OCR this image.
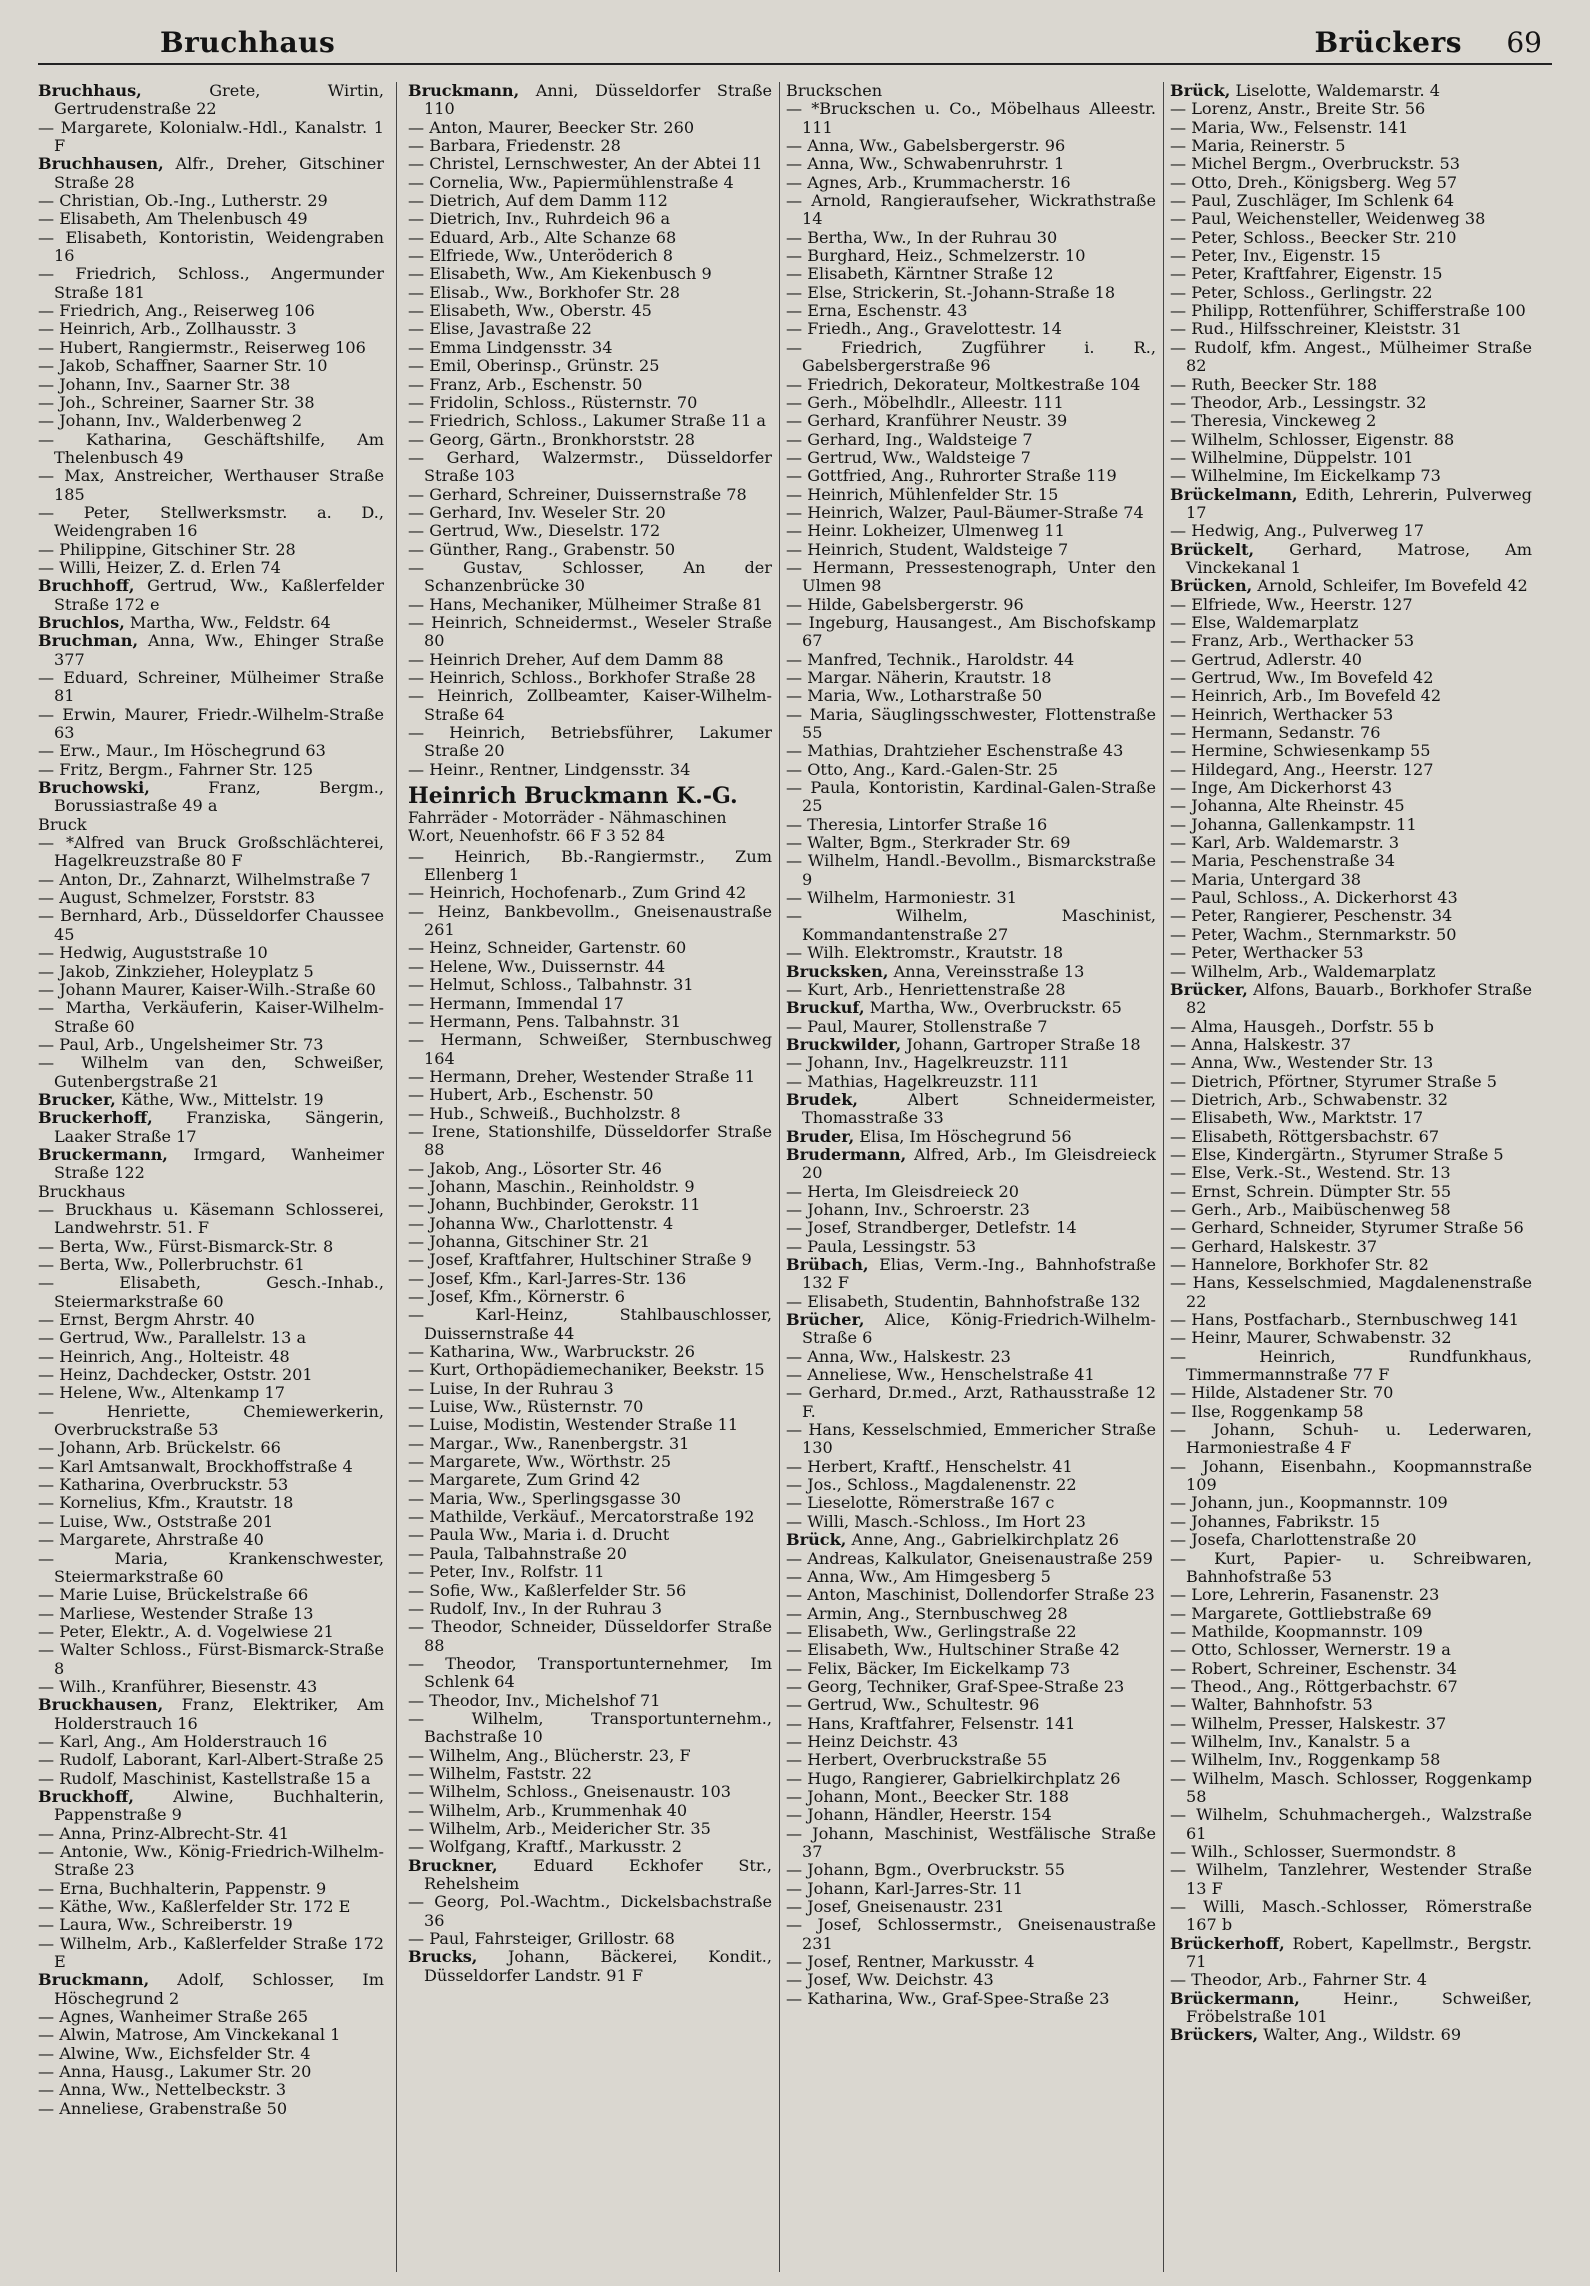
Bruchhaus	Brückers 69
Bruchhaus, Grete, Wirtin, Gertrudenstraße 22
— Margarete, Kolonialw.-Hdl., Kanalstr. 1 F
Bruchhausen, Alfr., Dreher, Gitschiner Straße 28
— Christian, Ob.-Ing., Lutherstr. 29
— Elisabeth, Am Thelenbusch 49
— Elisabeth, Kontoristin, Weidengraben 16
— Friedrich, Schloss., Angermunder Straße 181
— Friedrich, Ang., Reiserweg 106
— Heinrich, Arb., Zollhausstr. 3
— Hubert, Rangiermstr., Reiserweg 106
— Jakob, Schaffner, Saarner Str. 10
— Johann, Inv., Saarner Str. 38
— Joh., Schreiner, Saarner Str. 38
— Johann, Inv., Walderbenweg 2
— Katharina, Geschäftshilfe, Am Thelenbusch 49
— Max, Anstreicher, Werthauser Straße 185
— Peter, Stellwerksmstr. a. D., Weidengraben 16
— Philippine, Gitschiner Str. 28
— Willi, Heizer, Z. d. Erlen 74
Bruchhoff, Gertrud, Ww., Kaßlerfelder Straße 172 e
Bruchlos, Martha, Ww., Feldstr. 64
Bruchman, Anna, Ww., Ehinger Straße 377
— Eduard, Schreiner, Mülheimer Straße 81
— Erwin, Maurer, Friedr.-Wilhelm-Straße 63
— Erw., Maur., Im Höschegrund 63
— Fritz, Bergm., Fahrner Str. 125
Bruchowski, Franz, Bergm., Borussiastraße 49 a
Bruck
— *Alfred van Bruck Großschlächterei, Hagelkreuzstraße 80 F
— Anton, Dr., Zahnarzt, Wilhelmstraße 7
— August, Schmelzer, Forststr. 83
— Bernhard, Arb., Düsseldorfer Chaussee 45
— Hedwig, Auguststraße 10
— Jakob, Zinkzieher, Holeyplatz 5
— Johann Maurer, Kaiser-Wilh.-Straße 60
— Martha, Verkäuferin, Kaiser-Wilhelm-Straße 60
— Paul, Arb., Ungelsheimer Str. 73
— Wilhelm van den, Schweißer, Gutenbergstraße 21
Brucker, Käthe, Ww., Mittelstr. 19
Bruckerhoff, Franziska, Sängerin, Laaker Straße 17
Bruckermann, Irmgard, Wanheimer Straße 122
Bruckhaus
— Bruckhaus u. Käsemann Schlosserei, Landwehrstr. 51. F
— Berta, Ww., Fürst-Bismarck-Str. 8
— Berta, Ww., Pollerbruchstr. 61
— Elisabeth, Gesch.-Inhab., Steiermarkstraße 60
— Ernst, Bergm Ahrstr. 40
— Gertrud, Ww., Parallelstr. 13 a
— Heinrich, Ang., Holteistr. 48
— Heinz, Dachdecker, Oststr. 201
— Helene, Ww., Altenkamp 17
— Henriette, Chemiewerkerin, Overbruckstraße 53
— Johann, Arb. Brückelstr. 66
— Karl Amtsanwalt, Brockhoffstraße 4
— Katharina, Overbruckstr. 53
— Kornelius, Kfm., Krautstr. 18
— Luise, Ww., Oststraße 201
— Margarete, Ahrstraße 40
— Maria, Krankenschwester, Steiermarkstraße 60
— Marie Luise, Brückelstraße 66
— Marliese, Westender Straße 13
— Peter, Elektr., A. d. Vogelwiese 21
— Walter Schloss., Fürst-Bismarck-Straße 8
— Wilh., Kranführer, Biesenstr. 43
Bruckhausen, Franz, Elektriker, Am Holderstrauch 16
— Karl, Ang., Am Holderstrauch 16
— Rudolf, Laborant, Karl-Albert-Straße 25
— Rudolf, Maschinist, Kastellstraße 15 a
Bruckhoff, Alwine, Buchhalterin, Pappenstraße 9
— Anna, Prinz-Albrecht-Str. 41
— Antonie, Ww., König-Friedrich-Wilhelm-Straße 23
— Erna, Buchhalterin, Pappenstr. 9
— Käthe, Ww., Kaßlerfelder Str. 172 E
— Laura, Ww., Schreiberstr. 19
— Wilhelm, Arb., Kaßlerfelder Straße 172 E
Bruckmann, Adolf, Schlosser, Im Höschegrund 2
— Agnes, Wanheimer Straße 265
— Alwin, Matrose, Am Vinckekanal 1
— Alwine, Ww., Eichsfelder Str. 4
— Anna, Hausg., Lakumer Str. 20
— Anna, Ww., Nettelbeckstr. 3
— Anneliese, Grabenstraße 50
Bruckmann, Anni, Düsseldorfer Straße 110
— Anton, Maurer, Beecker Str. 260
— Barbara, Friedenstr. 28
— Christel, Lernschwester, An der Abtei 11
— Cornelia, Ww., Papiermühlenstraße 4
— Dietrich, Auf dem Damm 112
— Dietrich, Inv., Ruhrdeich 96 a
— Eduard, Arb., Alte Schanze 68
— Elfriede, Ww., Unteröderich 8
— Elisabeth, Ww., Am Kiekenbusch 9
— Elisab., Ww., Borkhofer Str. 28
— Elisabeth, Ww., Oberstr. 45
— Elise, Javastraße 22
— Emma Lindgensstr. 34
— Emil, Oberinsp., Grünstr. 25
— Franz, Arb., Eschenstr. 50
— Fridolin, Schloss., Rüsternstr. 70
— Friedrich, Schloss., Lakumer Straße 11 a
— Georg, Gärtn., Bronkhorststr. 28
— Gerhard, Walzermstr., Düsseldorfer Straße 103
— Gerhard, Schreiner, Duissernstraße 78
— Gerhard, Inv. Weseler Str. 20
— Gertrud, Ww., Dieselstr. 172
— Günther, Rang., Grabenstr. 50
— Gustav, Schlosser, An der Schanzenbrücke 30
— Hans, Mechaniker, Mülheimer Straße 81
— Heinrich, Schneidermst., Weseler Straße 80
— Heinrich Dreher, Auf dem Damm 88
— Heinrich, Schloss., Borkhofer Straße 28
— Heinrich, Zollbeamter, Kaiser-Wilhelm-Straße 64
— Heinrich, Betriebsführer, Lakumer Straße 20
— Heinr., Rentner, Lindgensstr. 34
Heinrich Bruckmann K.-G.
Fahrräder - Motorräder - Nähmaschinen
W.ort, Neuenhofstr. 66 F 3 52 84
— Heinrich, Bb.-Rangiermstr., Zum Ellenberg 1
— Heinrich, Hochofenarb., Zum Grind 42
— Heinz, Bankbevollm., Gneisenaustraße 261
— Heinz, Schneider, Gartenstr. 60
— Helene, Ww., Duissernstr. 44
— Helmut, Schloss., Talbahnstr. 31
— Hermann, Immendal 17
— Hermann, Pens. Talbahnstr. 31
— Hermann, Schweißer, Sternbuschweg 164
— Hermann, Dreher, Westender Straße 11
— Hubert, Arb., Eschenstr. 50
— Hub., Schweiß., Buchholzstr. 8
— Irene, Stationshilfe, Düsseldorfer Straße 88
— Jakob, Ang., Lösorter Str. 46
— Johann, Maschin., Reinholdstr. 9
— Johann, Buchbinder, Gerokstr. 11
— Johanna Ww., Charlottenstr. 4
— Johanna, Gitschiner Str. 21
— Josef, Kraftfahrer, Hultschiner Straße 9
— Josef, Kfm., Karl-Jarres-Str. 136
— Josef, Kfm., Körnerstr. 6
— Karl-Heinz, Stahlbauschlosser, Duissernstraße 44
— Katharina, Ww., Warbruckstr. 26
— Kurt, Orthopädiemechaniker, Beekstr. 15
— Luise, In der Ruhrau 3
— Luise, Ww., Rüsternstr. 70
— Luise, Modistin, Westender Straße 11
— Margar., Ww., Ranenbergstr. 31
— Margarete, Ww., Wörthstr. 25
— Margarete, Zum Grind 42
— Maria, Ww., Sperlingsgasse 30
— Mathilde, Verkäuf., Mercatorstraße 192
— Paula Ww., Maria i. d. Drucht
— Paula, Talbahnstraße 20
— Peter, Inv., Rolfstr. 11
— Sofie, Ww., Kaßlerfelder Str. 56
— Rudolf, Inv., In der Ruhrau 3
— Theodor, Schneider, Düsseldorfer Straße 88
— Theodor, Transportunternehmer, Im Schlenk 64
— Theodor, Inv., Michelshof 71
— Wilhelm, Transportunternehm., Bachstraße 10
— Wilhelm, Ang., Blücherstr. 23, F
— Wilhelm, Faststr. 22
— Wilhelm, Schloss., Gneisenaustr. 103
— Wilhelm, Arb., Krummenhak 40
— Wilhelm, Arb., Meidericher Str. 35
— Wolfgang, Kraftf., Markusstr. 2
Bruckner, Eduard Eckhofer Str., Rehelsheim
— Georg, Pol.-Wachtm., Dickelsbachstraße 36
— Paul, Fahrsteiger, Grillostr. 68
Brucks, Johann, Bäckerei, Kondit., Düsseldorfer Landstr. 91 F
Bruckschen
— *Bruckschen u. Co., Möbelhaus Alleestr. 111
— Anna, Ww., Gabelsbergerstr. 96
— Anna, Ww., Schwabenruhrstr. 1
— Agnes, Arb., Krummacherstr. 16
— Arnold, Rangieraufseher, Wickrathstraße 14
— Bertha, Ww., In der Ruhrau 30
— Burghard, Heiz., Schmelzerstr. 10
— Elisabeth, Kärntner Straße 12
— Else, Strickerin, St.-Johann-Straße 18
— Erna, Eschenstr. 43
— Friedh., Ang., Gravelottestr. 14
— Friedrich, Zugführer i. R., Gabelsbergerstraße 96
— Friedrich, Dekorateur, Moltkestraße 104
— Gerh., Möbelhdlr., Alleestr. 111
— Gerhard, Kranführer Neustr. 39
— Gerhard, Ing., Waldsteige 7
— Gertrud, Ww., Waldsteige 7
— Gottfried, Ang., Ruhrorter Straße 119
— Heinrich, Mühlenfelder Str. 15
— Heinrich, Walzer, Paul-Bäumer-Straße 74
— Heinr. Lokheizer, Ulmenweg 11
— Heinrich, Student, Waldsteige 7
— Hermann, Pressestenograph, Unter den Ulmen 98
— Hilde, Gabelsbergerstr. 96
— Ingeburg, Hausangest., Am Bischofskamp 67
— Manfred, Technik., Haroldstr. 44
— Margar. Näherin, Krautstr. 18
— Maria, Ww., Lotharstraße 50
— Maria, Säuglingsschwester, Flottenstraße 55
— Mathias, Drahtzieher Eschenstraße 43
— Otto, Ang., Kard.-Galen-Str. 25
— Paula, Kontoristin, Kardinal-Galen-Straße 25
— Theresia, Lintorfer Straße 16
— Walter, Bgm., Sterkrader Str. 69
— Wilhelm, Handl.-Bevollm., Bismarckstraße 9
— Wilhelm, Harmoniestr. 31
— Wilhelm, Maschinist, Kommandantenstraße 27
— Wilh. Elektromstr., Krautstr. 18
Brucksken, Anna, Vereinsstraße 13
— Kurt, Arb., Henriettenstraße 28
Bruckuf, Martha, Ww., Overbruckstr. 65
— Paul, Maurer, Stollenstraße 7
Bruckwilder, Johann, Gartroper Straße 18
— Johann, Inv., Hagelkreuzstr. 111
— Mathias, Hagelkreuzstr. 111
Brudek, Albert Schneidermeister, Thomasstraße 33
Bruder, Elisa, Im Höschegrund 56
Brudermann, Alfred, Arb., Im Gleisdreieck 20
— Herta, Im Gleisdreieck 20
— Johann, Inv., Schroerstr. 23
— Josef, Strandberger, Detlefstr. 14
— Paula, Lessingstr. 53
Brübach, Elias, Verm.-Ing., Bahnhofstraße 132 F
— Elisabeth, Studentin, Bahnhofstraße 132
Brücher, Alice, König-Friedrich-Wilhelm-Straße 6
— Anna, Ww., Halskestr. 23
— Anneliese, Ww., Henschelstraße 41
— Gerhard, Dr.med., Arzt, Rathausstraße 12 F.
— Hans, Kesselschmied, Emmericher Straße 130
— Herbert, Kraftf., Henschelstr. 41
— Jos., Schloss., Magdalenenstr. 22
— Lieselotte, Römerstraße 167 c
— Willi, Masch.-Schloss., Im Hort 23
Brück, Anne, Ang., Gabrielkirchplatz 26
— Andreas, Kalkulator, Gneisenaustraße 259
— Anna, Ww., Am Himgesberg 5
— Anton, Maschinist, Dollendorfer Straße 23
— Armin, Ang., Sternbuschweg 28
— Elisabeth, Ww., Gerlingstraße 22
— Elisabeth, Ww., Hultschiner Straße 42
— Felix, Bäcker, Im Eickelkamp 73
— Georg, Techniker, Graf-Spee-Straße 23
— Gertrud, Ww., Schultestr. 96
— Hans, Kraftfahrer, Felsenstr. 141
— Heinz Deichstr. 43
— Herbert, Overbruckstraße 55
— Hugo, Rangierer, Gabrielkirchplatz 26
— Johann, Mont., Beecker Str. 188
— Johann, Händler, Heerstr. 154
— Johann, Maschinist, Westfälische Straße 37
— Johann, Bgm., Overbruckstr. 55
— Johann, Karl-Jarres-Str. 11
— Josef, Gneisenaustr. 231
— Josef, Schlossermstr., Gneisenaustraße 231
— Josef, Rentner, Markusstr. 4
— Josef, Ww. Deichstr. 43
— Katharina, Ww., Graf-Spee-Straße 23
Brück, Liselotte, Waldemarstr. 4
— Lorenz, Anstr., Breite Str. 56
— Maria, Ww., Felsenstr. 141
— Maria, Reinerstr. 5
— Michel Bergm., Overbruckstr. 53
— Otto, Dreh., Königsberg. Weg 57
— Paul, Zuschläger, Im Schlenk 64
— Paul, Weichensteller, Weidenweg 38
— Peter, Schloss., Beecker Str. 210
— Peter, Inv., Eigenstr. 15
— Peter, Kraftfahrer, Eigenstr. 15
— Peter, Schloss., Gerlingstr. 22
— Philipp, Rottenführer, Schifferstraße 100
— Rud., Hilfsschreiner, Kleiststr. 31
— Rudolf, kfm. Angest., Mülheimer Straße 82
— Ruth, Beecker Str. 188
— Theodor, Arb., Lessingstr. 32
— Theresia, Vinckeweg 2
— Wilhelm, Schlosser, Eigenstr. 88
— Wilhelmine, Düppelstr. 101
— Wilhelmine, Im Eickelkamp 73
Brückelmann, Edith, Lehrerin, Pulverweg 17
— Hedwig, Ang., Pulverweg 17
Brückelt, Gerhard, Matrose, Am Vinckekanal 1
Brücken, Arnold, Schleifer, Im Bovefeld 42
— Elfriede, Ww., Heerstr. 127
— Else, Waldemarplatz
— Franz, Arb., Werthacker 53
— Gertrud, Adlerstr. 40
— Gertrud, Ww., Im Bovefeld 42
— Heinrich, Arb., Im Bovefeld 42
— Heinrich, Werthacker 53
— Hermann, Sedanstr. 76
— Hermine, Schwiesenkamp 55
— Hildegard, Ang., Heerstr. 127
— Inge, Am Dickerhorst 43
— Johanna, Alte Rheinstr. 45
— Johanna, Gallenkampstr. 11
— Karl, Arb. Waldemarstr. 3
— Maria, Peschenstraße 34
— Maria, Untergard 38
— Paul, Schloss., A. Dickerhorst 43
— Peter, Rangierer, Peschenstr. 34
— Peter, Wachm., Sternmarkstr. 50
— Peter, Werthacker 53
— Wilhelm, Arb., Waldemarplatz
Brücker, Alfons, Bauarb., Borkhofer Straße 82
— Alma, Hausgeh., Dorfstr. 55 b
— Anna, Halskestr. 37
— Anna, Ww., Westender Str. 13
— Dietrich, Pförtner, Styrumer Straße 5
— Dietrich, Arb., Schwabenstr. 32
— Elisabeth, Ww., Marktstr. 17
— Elisabeth, Röttgersbachstr. 67
— Else, Kindergärtn., Styrumer Straße 5
— Else, Verk.-St., Westend. Str. 13
— Ernst, Schrein. Dümpter Str. 55
— Gerh., Arb., Maibüschenweg 58
— Gerhard, Schneider, Styrumer Straße 56
— Gerhard, Halskestr. 37
— Hannelore, Borkhofer Str. 82
— Hans, Kesselschmied, Magdalenenstraße 22
— Hans, Postfacharb., Sternbuschweg 141
— Heinr, Maurer, Schwabenstr. 32
— Heinrich, Rundfunkhaus, Timmermannstraße 77 F
— Hilde, Alstadener Str. 70
— Ilse, Roggenkamp 58
— Johann, Schuh- u. Lederwaren, Harmoniestraße 4 F
— Johann, Eisenbahn., Koopmannstraße 109
— Johann, jun., Koopmannstr. 109
— Johannes, Fabrikstr. 15
— Josefa, Charlottenstraße 20
— Kurt, Papier- u. Schreibwaren, Bahnhofstraße 53
— Lore, Lehrerin, Fasanenstr. 23
— Margarete, Gottliebstraße 69
— Mathilde, Koopmannstr. 109
— Otto, Schlosser, Wernerstr. 19 a
— Robert, Schreiner, Eschenstr. 34
— Theod., Ang., Röttgerbachstr. 67
— Walter, Bahnhofstr. 53
— Wilhelm, Presser, Halskestr. 37
— Wilhelm, Inv., Kanalstr. 5 a
— Wilhelm, Inv., Roggenkamp 58
— Wilhelm, Masch. Schlosser, Roggenkamp 58
— Wilhelm, Schuhmachergeh., Walzstraße 61
— Wilh., Schlosser, Suermondstr. 8
— Wilhelm, Tanzlehrer, Westender Straße 13 F
— Willi, Masch.-Schlosser, Römerstraße 167 b
Brückerhoff, Robert, Kapellmstr., Bergstr. 71
— Theodor, Arb., Fahrner Str. 4
Brückermann, Heinr., Schweißer, Fröbelstraße 101
Brückers, Walter, Ang., Wildstr. 69
